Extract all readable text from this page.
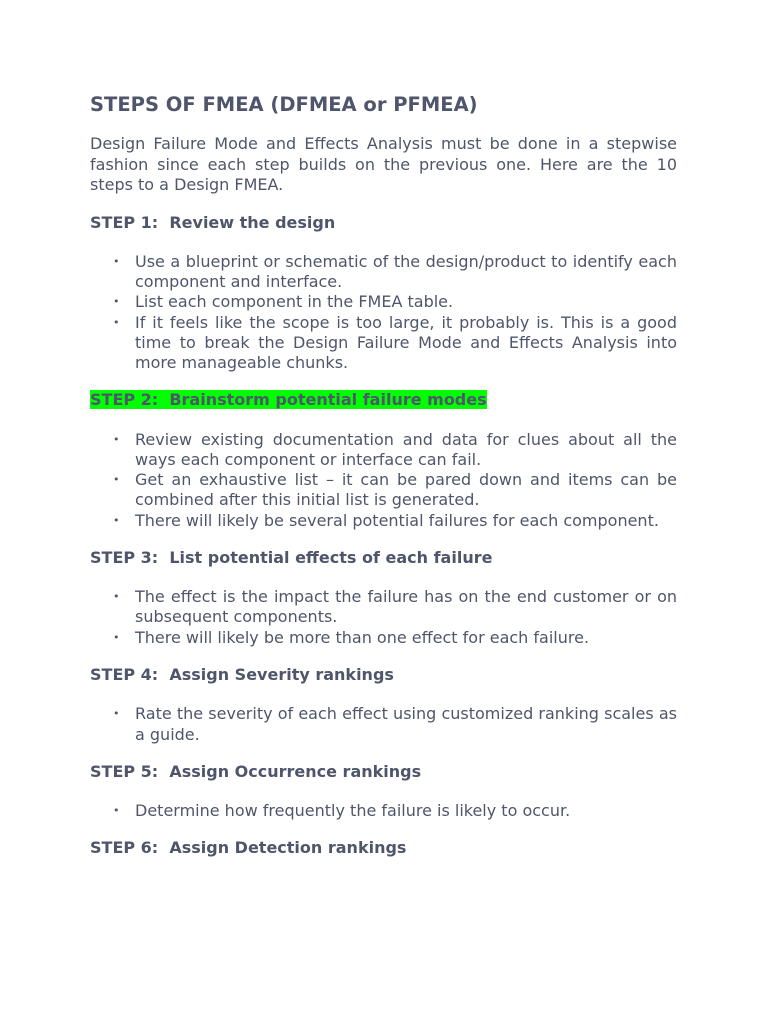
STEPS OF FMEA (DFMEA or PFMEA)

Design Failure Mode and Effects Analysis must be done in a stepwise fashion since each step builds on the previous one. Here are the 10 steps to a Design FMEA.

STEP 1:  Review the design
• Use a blueprint or schematic of the design/product to identify each component and interface.
• List each component in the FMEA table.
• If it feels like the scope is too large, it probably is. This is a good time to break the Design Failure Mode and Effects Analysis into more manageable chunks.
STEP 2:  Brainstorm potential failure modes
• Review existing documentation and data for clues about all the ways each component or interface can fail.
• Get an exhaustive list – it can be pared down and items can be combined after this initial list is generated.
• There will likely be several potential failures for each component.
STEP 3:  List potential effects of each failure
• The effect is the impact the failure has on the end customer or on subsequent components.
• There will likely be more than one effect for each failure.
STEP 4:  Assign Severity rankings
• Rate the severity of each effect using customized ranking scales as a guide.
STEP 5:  Assign Occurrence rankings
• Determine how frequently the failure is likely to occur.
STEP 6:  Assign Detection rankings
